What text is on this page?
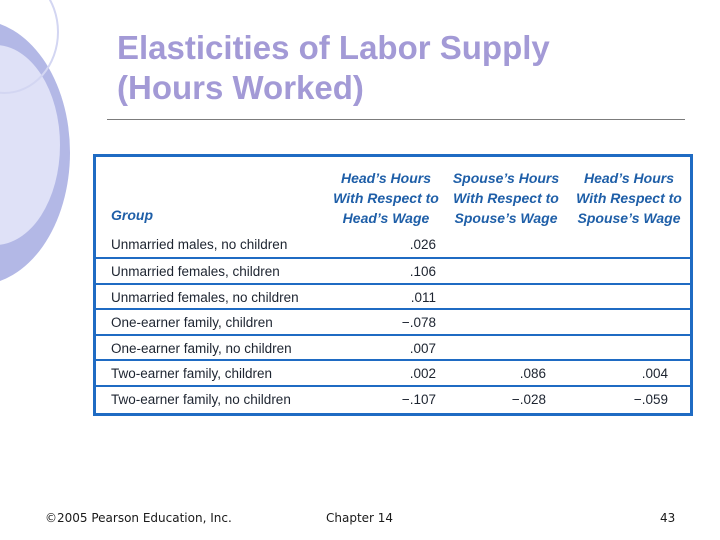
Elasticities of Labor Supply
(Hours Worked)
Group
Head’s Hours
With Respect to
Head’s Wage
Spouse’s Hours
With Respect to
Spouse’s Wage
Head’s Hours
With Respect to
Spouse’s Wage
Unmarried males, no children	.026
Unmarried females, children	.106
Unmarried females, no children	.011
One-earner family, children	−.078
One-earner family, no children	.007
Two-earner family, children	.002	.086	.004
Two-earner family, no children	−.107	−.028	−.059
©2005 Pearson Education, Inc.	Chapter 14	43
